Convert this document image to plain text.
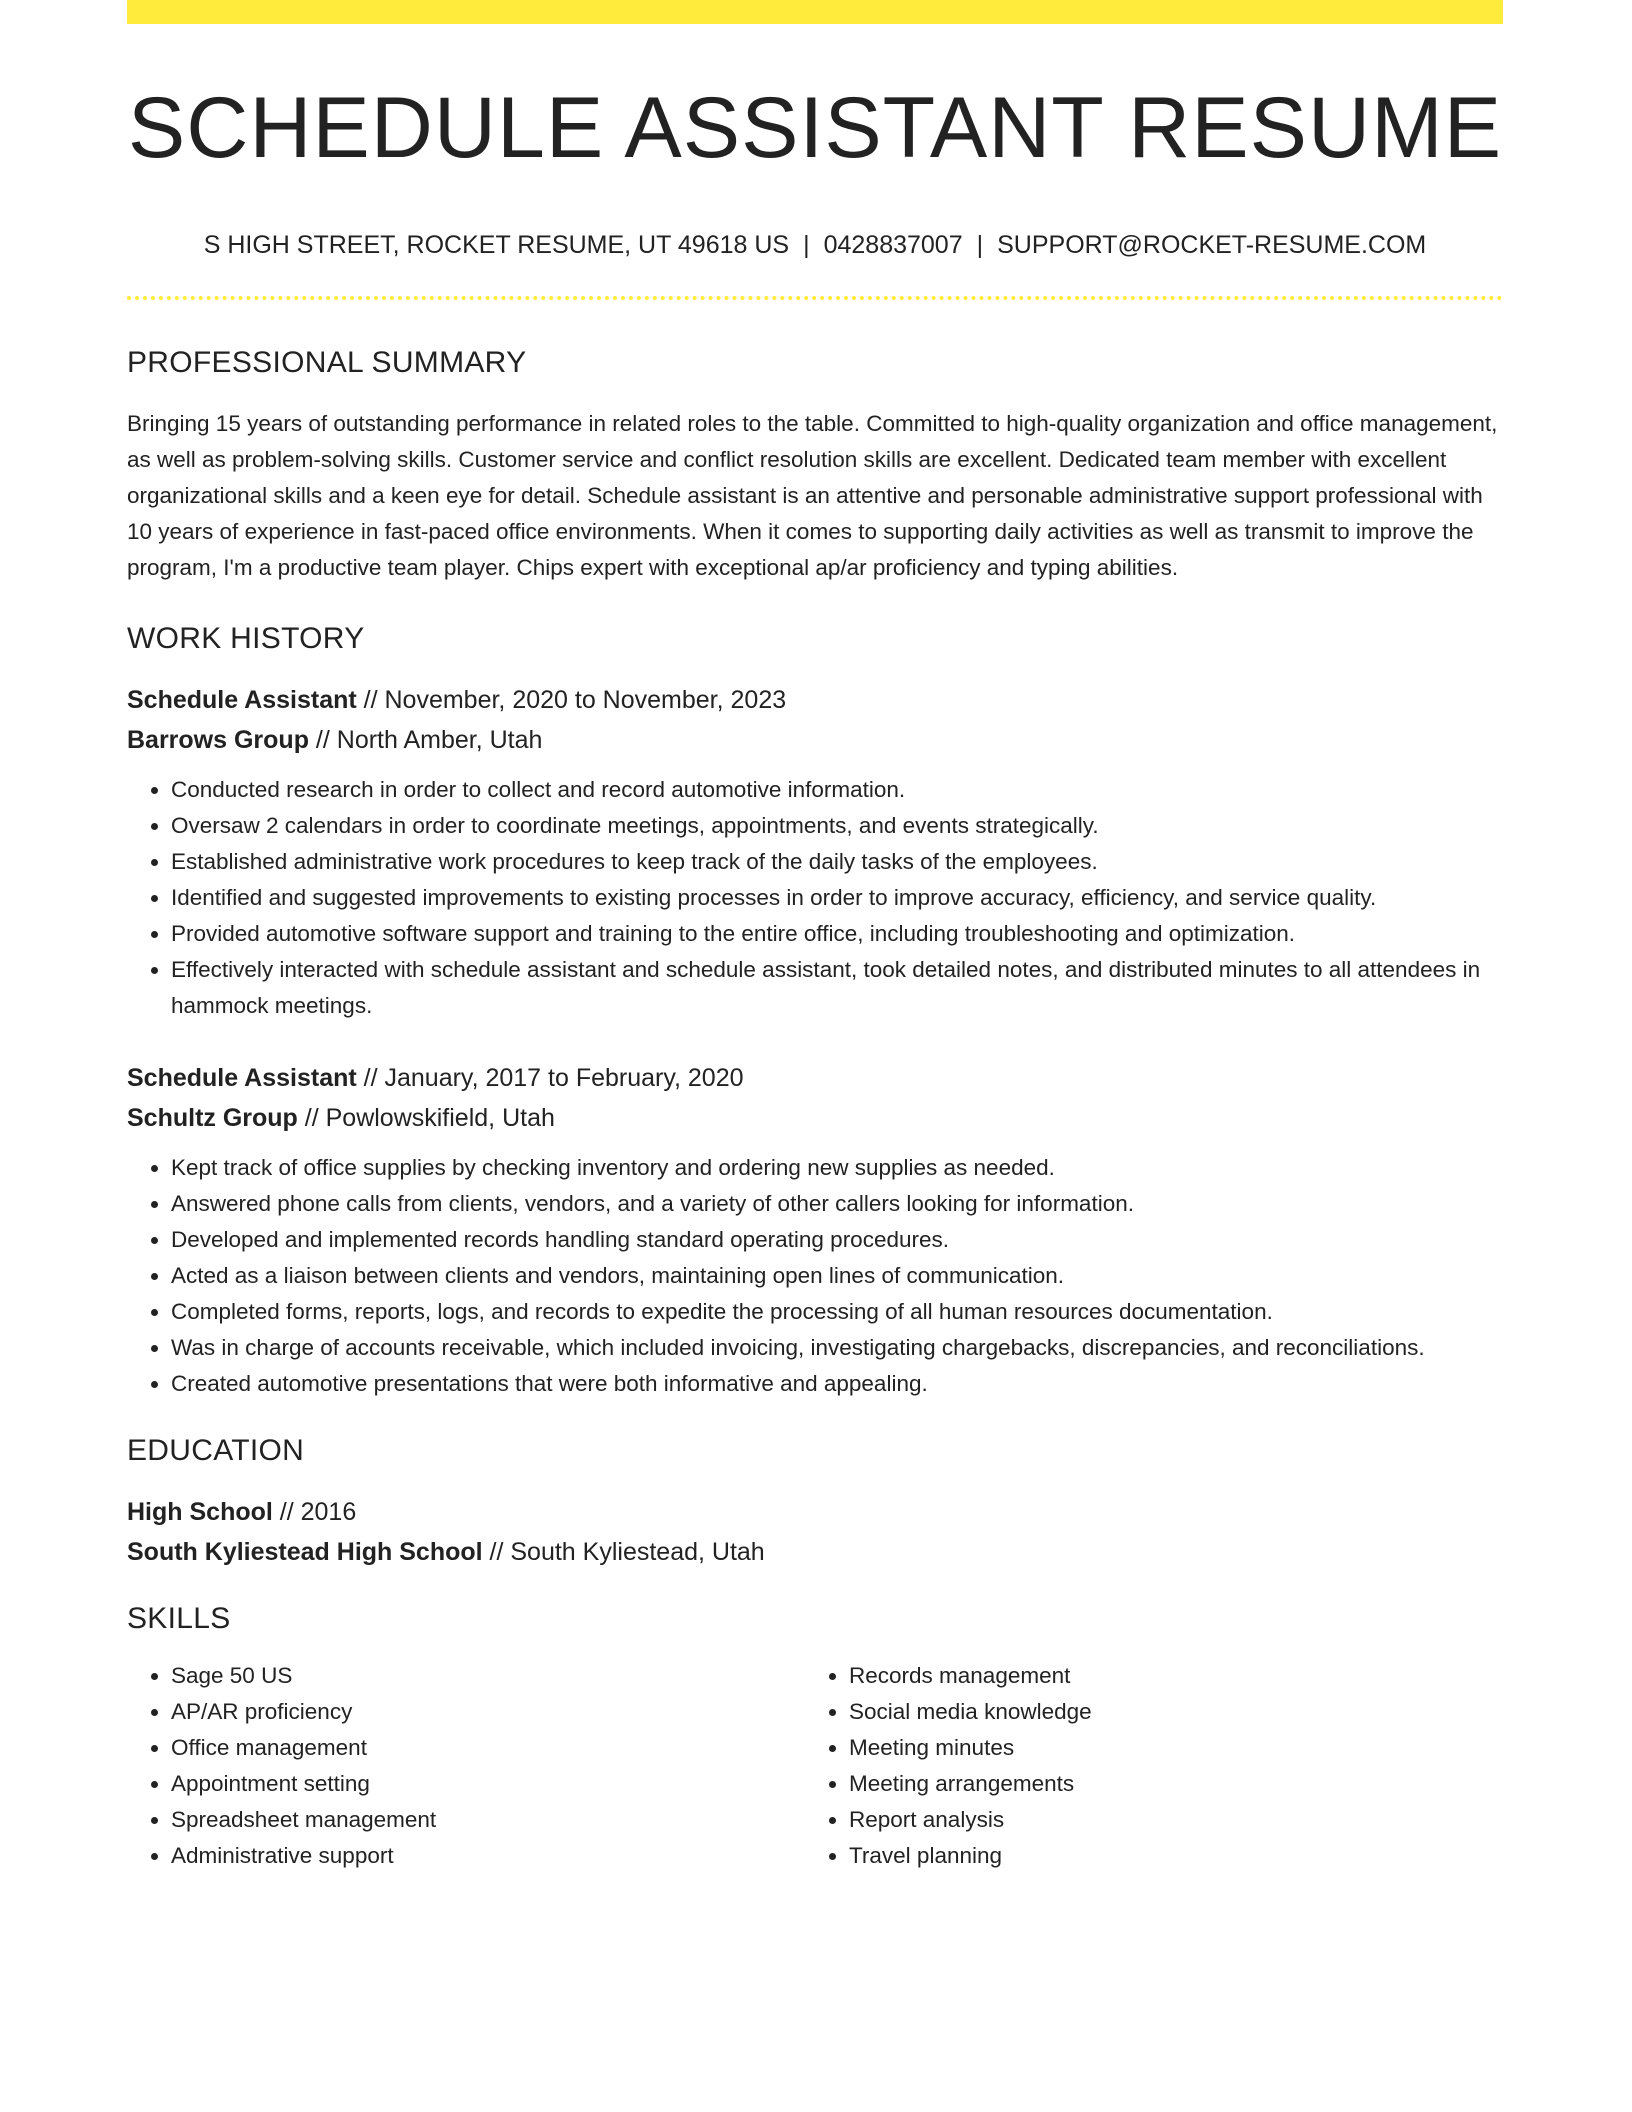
SCHEDULE ASSISTANT RESUME
S HIGH STREET, ROCKET RESUME, UT 49618 US | 0428837007 | SUPPORT@ROCKET-RESUME.COM
PROFESSIONAL SUMMARY
Bringing 15 years of outstanding performance in related roles to the table. Committed to high-quality organization and office management, as well as problem-solving skills. Customer service and conflict resolution skills are excellent. Dedicated team member with excellent organizational skills and a keen eye for detail. Schedule assistant is an attentive and personable administrative support professional with 10 years of experience in fast-paced office environments. When it comes to supporting daily activities as well as transmit to improve the program, I'm a productive team player. Chips expert with exceptional ap/ar proficiency and typing abilities.
WORK HISTORY
Schedule Assistant // November, 2020 to November, 2023
Barrows Group // North Amber, Utah
• Conducted research in order to collect and record automotive information.
• Oversaw 2 calendars in order to coordinate meetings, appointments, and events strategically.
• Established administrative work procedures to keep track of the daily tasks of the employees.
• Identified and suggested improvements to existing processes in order to improve accuracy, efficiency, and service quality.
• Provided automotive software support and training to the entire office, including troubleshooting and optimization.
• Effectively interacted with schedule assistant and schedule assistant, took detailed notes, and distributed minutes to all attendees in hammock meetings.
Schedule Assistant // January, 2017 to February, 2020
Schultz Group // Powlowskifield, Utah
• Kept track of office supplies by checking inventory and ordering new supplies as needed.
• Answered phone calls from clients, vendors, and a variety of other callers looking for information.
• Developed and implemented records handling standard operating procedures.
• Acted as a liaison between clients and vendors, maintaining open lines of communication.
• Completed forms, reports, logs, and records to expedite the processing of all human resources documentation.
• Was in charge of accounts receivable, which included invoicing, investigating chargebacks, discrepancies, and reconciliations.
• Created automotive presentations that were both informative and appealing.
EDUCATION
High School // 2016
South Kyliestead High School // South Kyliestead, Utah
SKILLS
• Sage 50 US
• AP/AR proficiency
• Office management
• Appointment setting
• Spreadsheet management
• Administrative support
• Records management
• Social media knowledge
• Meeting minutes
• Meeting arrangements
• Report analysis
• Travel planning
